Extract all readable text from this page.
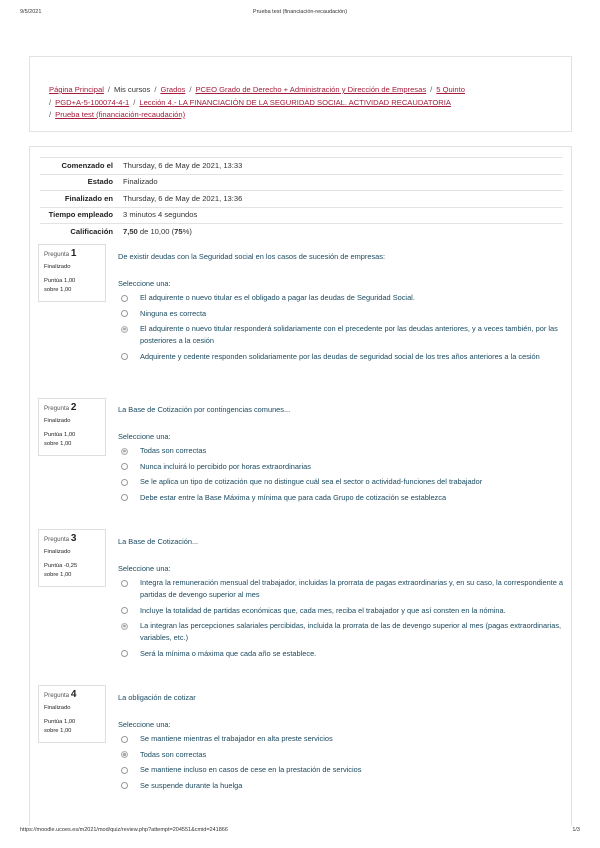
9/5/2021	Prueba test (financiación-recaudación)
Página Principal / Mis cursos / Grados / PCEO Grado de Derecho + Administración y Dirección de Empresas / 5 Quinto
/ PGD+A-5-100074-4-1 / Lección 4.- LA FINANCIACIÓN DE LA SEGURIDAD SOCIAL. ACTIVIDAD RECAUDATORIA
/ Prueba test (financiación-recaudación)
Comenzado el	Thursday, 6 de May de 2021, 13:33
Estado	Finalizado
Finalizado en	Thursday, 6 de May de 2021, 13:36
Tiempo empleado	3 minutos 4 segundos
Calificación	7,50 de 10,00 (75%)
Pregunta 1
Finalizado
Puntúa 1,00
sobre 1,00
De existir deudas con la Seguridad social en los casos de sucesión de empresas:
Seleccione una:
El adquirente o nuevo titular es el obligado a pagar las deudas de Seguridad Social.
Ninguna es correcta
El adquirente o nuevo titular responderá solidariamente con el precedente por las deudas anteriores, y a veces también, por las posteriores a la cesión
Adquirente y cedente responden solidariamente por las deudas de seguridad social de los tres años anteriores a la cesión
Pregunta 2
Finalizado
Puntúa 1,00
sobre 1,00
La Base de Cotización por contingencias comunes...
Seleccione una:
Todas son correctas
Nunca incluirá lo percibido por horas extraordinarias
Se le aplica un tipo de cotización que no distingue cuál sea el sector o actividad-funciones del trabajador
Debe estar entre la Base Máxima y mínima que para cada Grupo de cotización se establezca
Pregunta 3
Finalizado
Puntúa -0,25
sobre 1,00
La Base de Cotización...
Seleccione una:
Integra la remuneración mensual del trabajador, incluidas la prorrata de pagas extraordinarias y, en su caso, la correspondiente a partidas de devengo superior al mes
Incluye la totalidad de partidas económicas que, cada mes, reciba el trabajador y que así consten en la nómina.
La integran las percepciones salariales percibidas, incluida la prorrata de las de devengo superior al mes (pagas extraordinarias, variables, etc.)
Será la mínima o máxima que cada año se establece.
Pregunta 4
Finalizado
Puntúa 1,00
sobre 1,00
La obligación de cotizar
Seleccione una:
Se mantiene mientras el trabajador en alta preste servicios
Todas son correctas
Se mantiene incluso en casos de cese en la prestación de servicios
Se suspende durante la huelga
https://moodle.ucoes.es/m2021/mod/quiz/review.php?attempt=204551&cmid=241866	1/3
